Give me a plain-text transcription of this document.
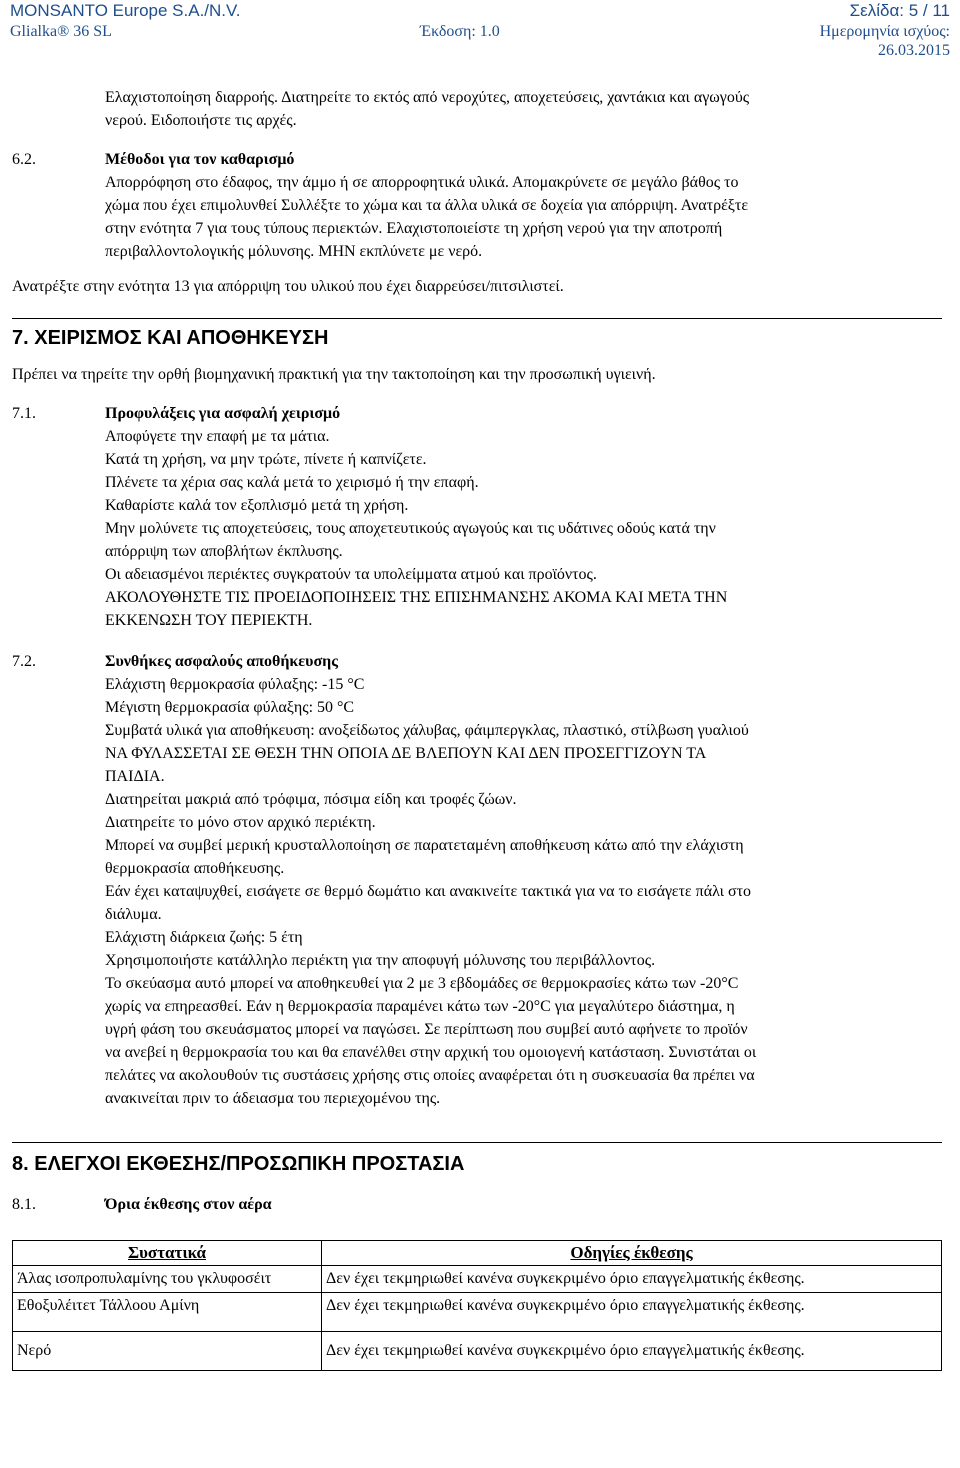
MONSANTO Europe S.A./N.V.	Σελίδα: 5 / 11
Glialka® 36 SL	Έκδοση: 1.0	Ημερομηνία ισχύος:
26.03.2015

Ελαχιστοποίηση διαρροής. Διατηρείτε το εκτός από νεροχύτες, αποχετεύσεις, χαντάκια και αγωγούς

νερού. Ειδοποιήστε τις αρχές.

6.2.	Μέθοδοι για τον καθαρισμό

Απορρόφηση στο έδαφος, την άμμο ή σε απορροφητικά υλικά. Απομακρύνετε σε μεγάλο βάθος το

χώμα που έχει επιμολυνθεί Συλλέξτε το χώμα και τα άλλα υλικά σε δοχεία για απόρριψη. Ανατρέξτε

στην ενότητα 7 για τους τύπους περιεκτών. Ελαχιστοποιείστε τη χρήση νερού για την αποτροπή

περιβαλλοντολογικής μόλυνσης. ΜΗΝ εκπλύνετε με νερό.

Ανατρέξτε στην ενότητα 13 για απόρριψη του υλικού που έχει διαρρεύσει/πιτσιλιστεί.
7. ΧΕΙΡΙΣΜΟΣ ΚΑΙ ΑΠΟΘΗΚΕΥΣΗ
Πρέπει να τηρείτε την ορθή βιομηχανική πρακτική για την τακτοποίηση και την προσωπική υγιεινή.
7.1.	Προφυλάξεις για ασφαλή χειρισμό

Αποφύγετε την επαφή με τα μάτια.

Κατά τη χρήση, να μην τρώτε, πίνετε ή καπνίζετε.

Πλένετε τα χέρια σας καλά μετά το χειρισμό ή την επαφή.

Καθαρίστε καλά τον εξοπλισμό μετά τη χρήση.

Μην μολύνετε τις αποχετεύσεις, τους αποχετευτικούς αγωγούς και τις υδάτινες οδούς κατά την

απόρριψη των αποβλήτων έκπλυσης.

Οι αδειασμένοι περιέκτες συγκρατούν τα υπολείμματα ατμού και προϊόντος.

ΑΚΟΛΟΥΘΗΣΤΕ ΤΙΣ ΠΡΟΕΙΔΟΠΟΙΗΣΕΙΣ ΤΗΣ ΕΠΙΣΗΜΑΝΣΗΣ ΑΚΟΜΑ ΚΑΙ ΜΕΤΑ ΤΗΝ

ΕΚΚΕΝΩΣΗ ΤΟΥ ΠΕΡΙΕΚΤΗ.

7.2.	Συνθήκες ασφαλούς αποθήκευσης

Ελάχιστη θερμοκρασία φύλαξης: -15 °C

Μέγιστη θερμοκρασία φύλαξης: 50 °C

Συμβατά υλικά για αποθήκευση: ανοξείδωτος χάλυβας, φάιμπεργκλας, πλαστικό, στίλβωση γυαλιού

ΝΑ ΦΥΛΑΣΣΕΤΑΙ ΣΕ ΘΕΣΗ ΤΗΝ ΟΠΟΙΑ ΔΕ ΒΛΕΠΟΥΝ ΚΑΙ ΔΕΝ ΠΡΟΣΕΓΓΙΖΟΥΝ ΤΑ

ΠΑΙΔΙΑ.

Διατηρείται μακριά από τρόφιμα, πόσιμα είδη και τροφές ζώων.

Διατηρείτε το μόνο στον αρχικό περιέκτη.

Μπορεί να συμβεί μερική κρυσταλλοποίηση σε παρατεταμένη αποθήκευση κάτω από την ελάχιστη

θερμοκρασία αποθήκευσης.

Εάν έχει καταψυχθεί, εισάγετε σε θερμό δωμάτιο και ανακινείτε τακτικά για να το εισάγετε πάλι στο

διάλυμα.

Ελάχιστη διάρκεια ζωής: 5 έτη

Χρησιμοποιήστε κατάλληλο περιέκτη για την αποφυγή μόλυνσης του περιβάλλοντος.

Το σκεύασμα αυτό μπορεί να αποθηκευθεί για 2 με 3 εβδομάδες σε θερμοκρασίες κάτω των -20°C

χωρίς να επηρεασθεί. Εάν η θερμοκρασία παραμένει κάτω των -20°C για μεγαλύτερο διάστημα, η

υγρή φάση του σκευάσματος μπορεί να παγώσει. Σε περίπτωση που συμβεί αυτό αφήνετε το προϊόν

να ανεβεί η θερμοκρασία του και θα επανέλθει στην αρχική του ομοιογενή κατάσταση. Συνιστάται οι

πελάτες να ακολουθούν τις συστάσεις χρήσης στις οποίες αναφέρεται ότι η συσκευασία θα πρέπει να

ανακινείται πριν το άδειασμα του περιεχομένου της.

8. ΕΛΕΓΧΟΙ ΕΚΘΕΣΗΣ/ΠΡΟΣΩΠΙΚΗ ΠΡΟΣΤΑΣΙΑ
8.1.	Όρια έκθεσης στον αέρα
Συστατικά	Οδηγίες έκθεσης
Άλας ισοπροπυλαμίνης του γκλυφοσέιτ	Δεν έχει τεκμηριωθεί κανένα συγκεκριμένο όριο επαγγελματικής έκθεσης.
Εθοξυλέιτετ Τάλλοου Αμίνη	Δεν έχει τεκμηριωθεί κανένα συγκεκριμένο όριο επαγγελματικής έκθεσης.
Νερό	Δεν έχει τεκμηριωθεί κανένα συγκεκριμένο όριο επαγγελματικής έκθεσης.
